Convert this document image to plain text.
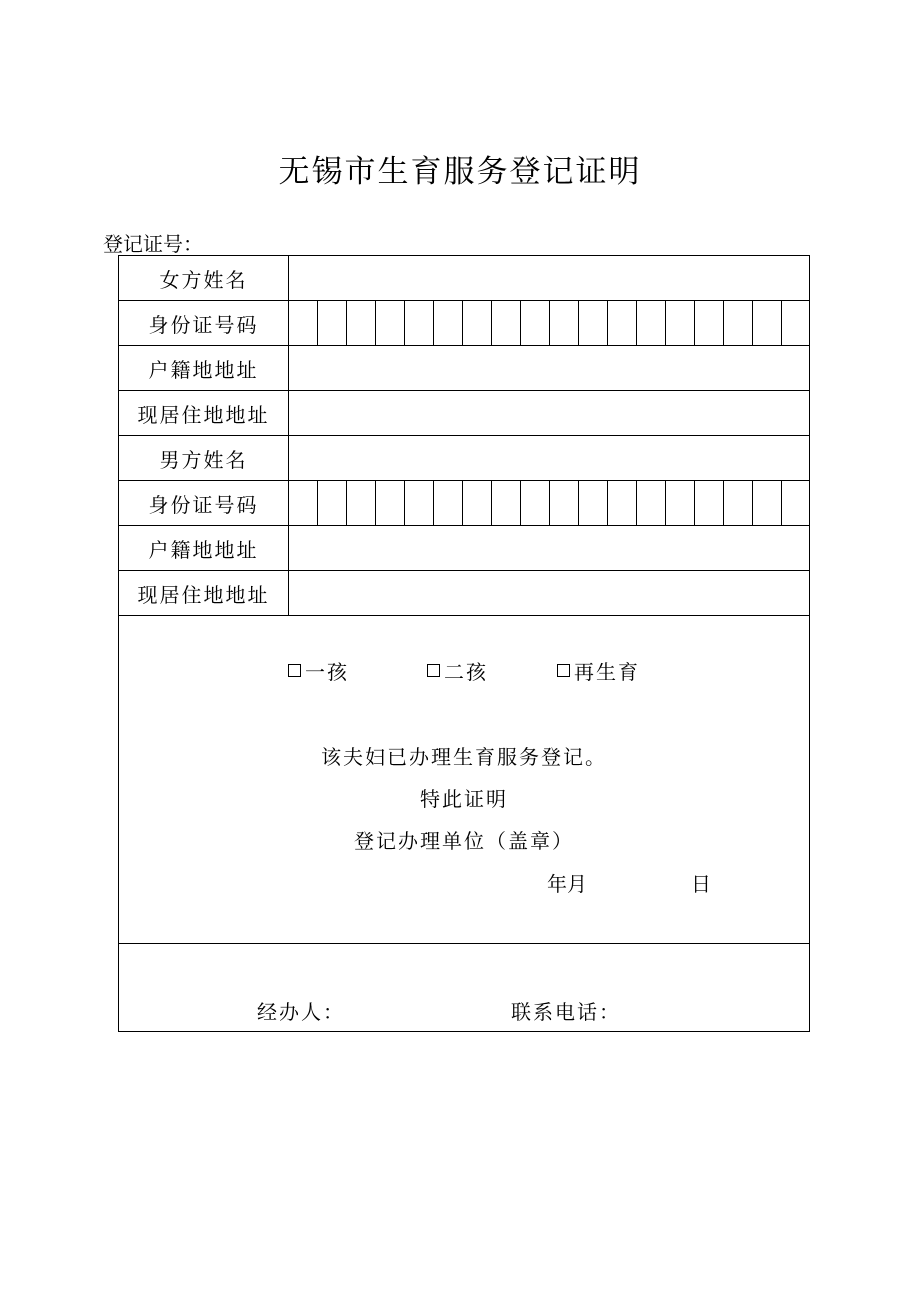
无锡市生育服务登记证明
登记证号：
女方姓名
身份证号码
户籍地地址
现居住地地址
男方姓名
身份证号码
户籍地地址
现居住地地址
一孩	二孩	再生育
该夫妇已办理生育服务登记。
特此证明
登记办理单位（盖章）
年月	日
经办人：	联系电话：
